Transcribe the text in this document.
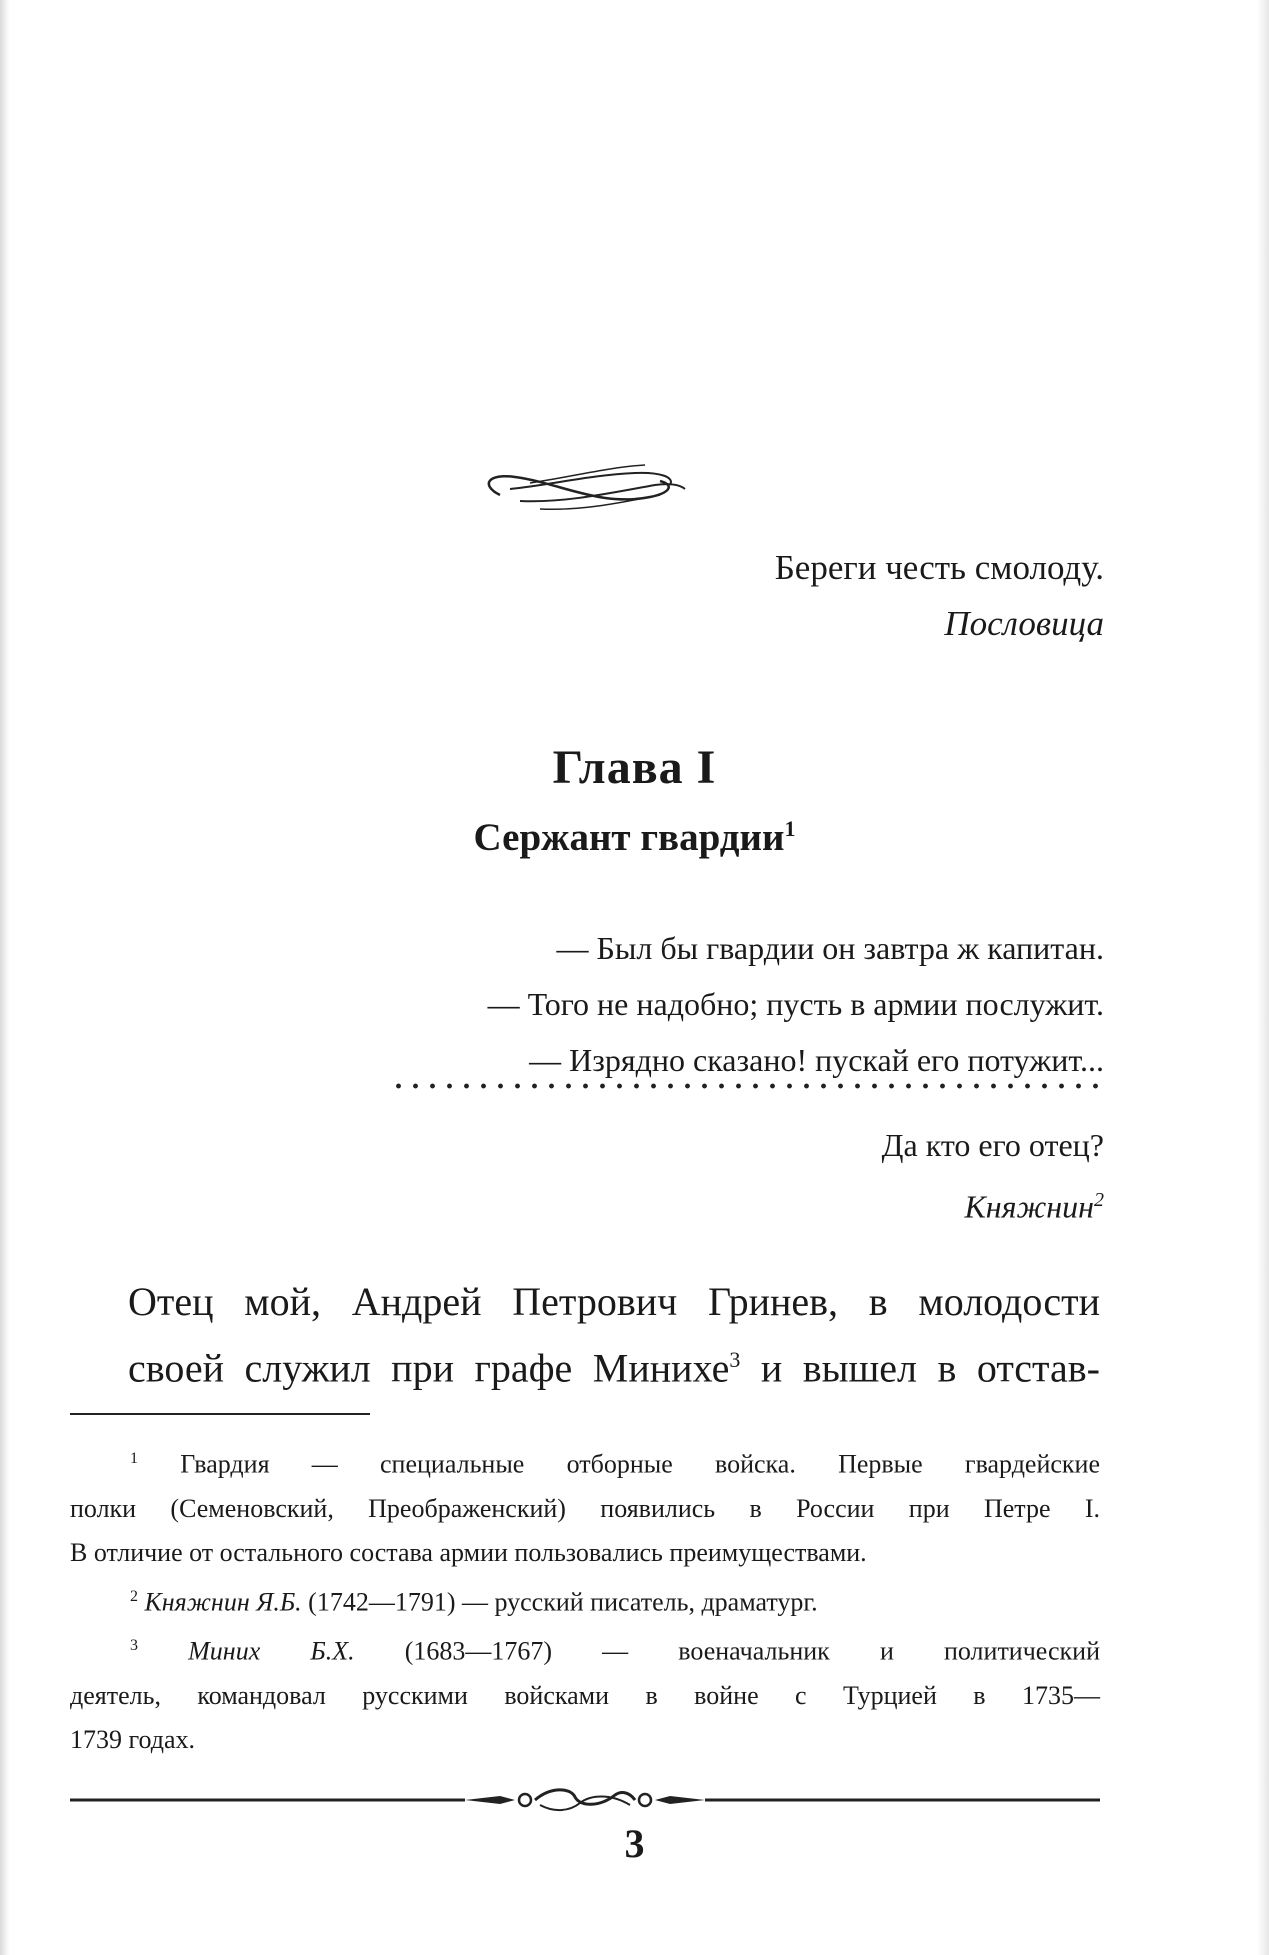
Береги честь смолоду.
Пословица
Глава I
Сержант гвардии$^1$
— Был бы гвардии он завтра ж капитан.
— Того не надобно; пусть в армии послужит.
— Изрядно сказано! пускай его потужит...
Да кто его отец?
Княжнин$^2$
Отец мой, Андрей Петрович Гринев, в молодости
своей служил при графе Минихе$^3$ и вышел в отстав-
$^1$ Гвардия — специальные отборные войска. Первые гвардейские
полки (Семеновский, Преображенский) появились в России при Петре I.
В отличие от остального состава армии пользовались преимуществами.
$^2$ Княжнин Я.Б. (1742—1791) — русский писатель, драматург.
$^3$ Миних Б.Х. (1683—1767) — военачальник и политический
деятель, командовал русскими войсками в войне с Турцией в 1735—
1739 годах.
3
